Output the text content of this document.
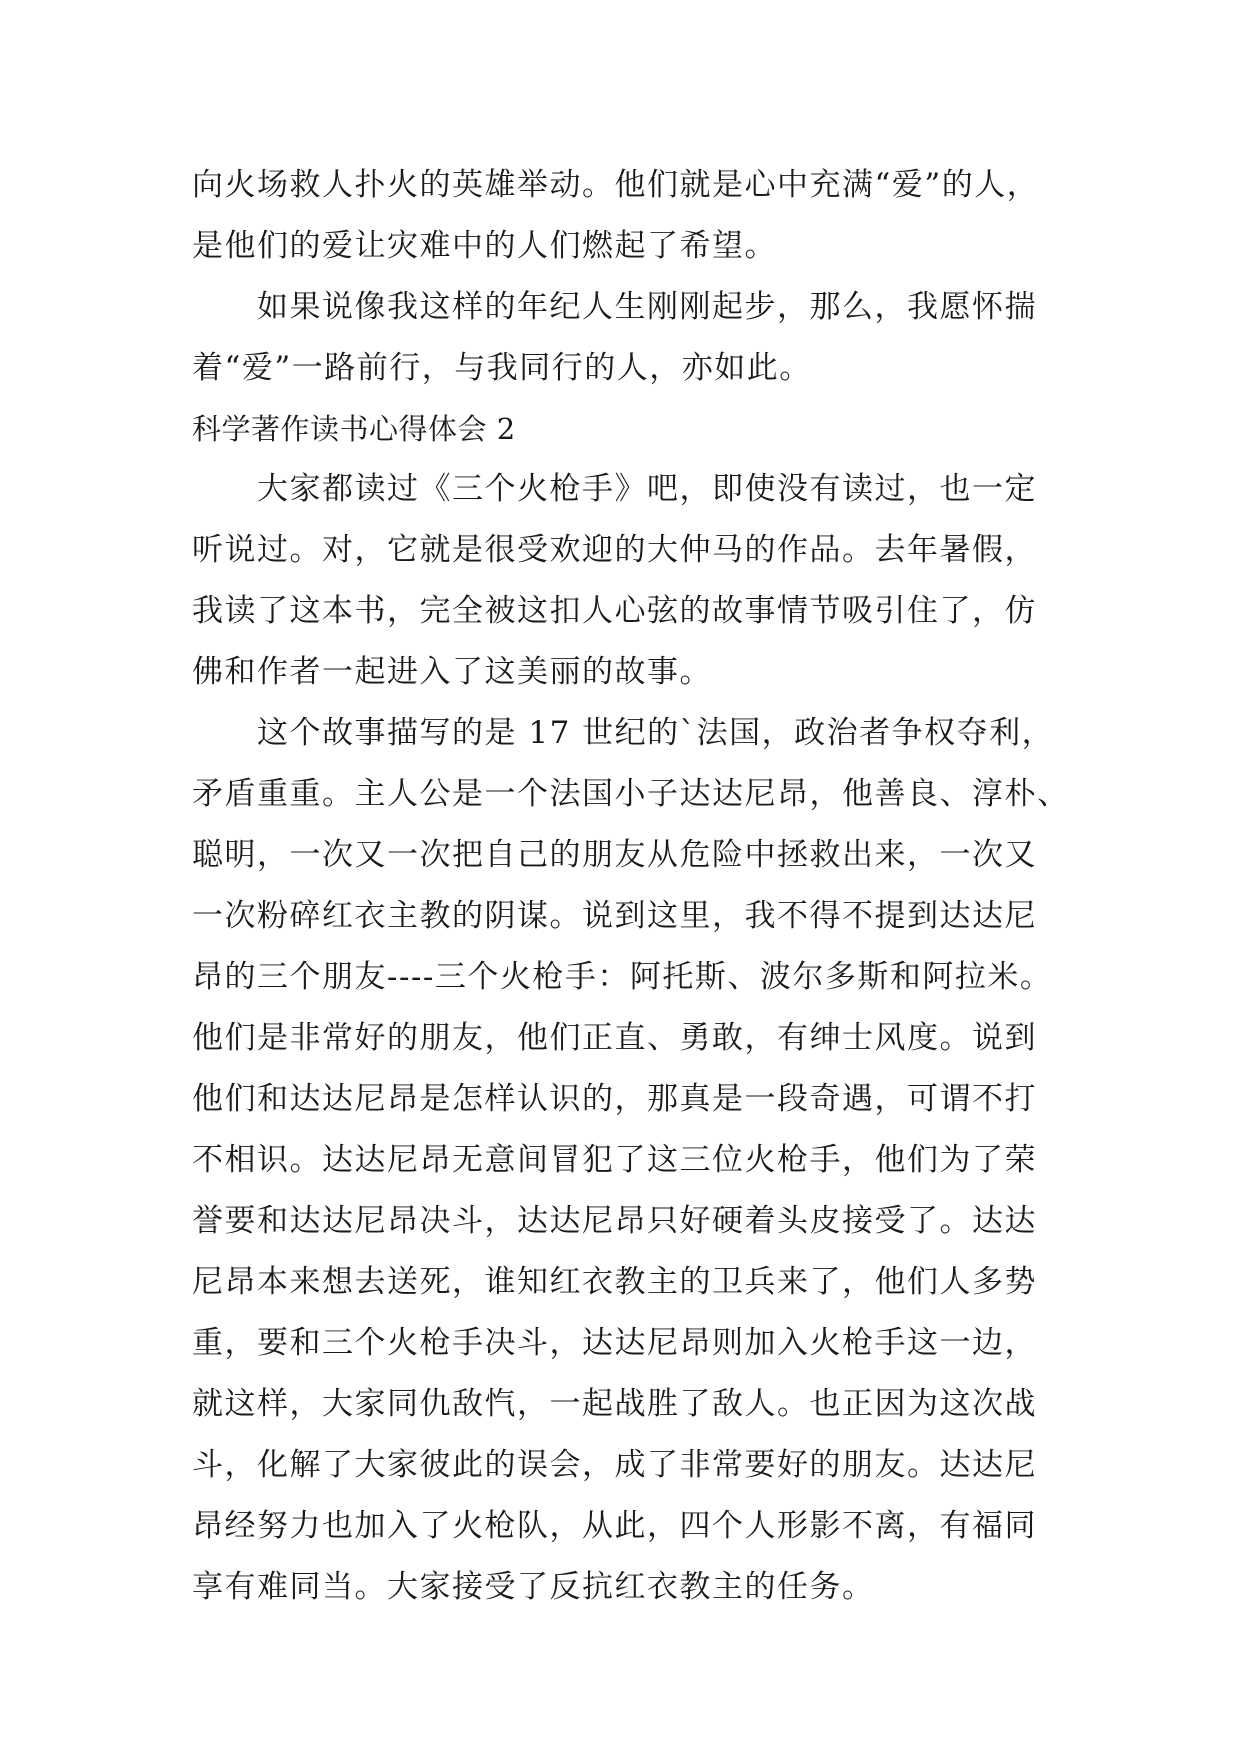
向火场救人扑火的英雄举动。他们就是心中充满“爱”的人，
是他们的爱让灾难中的人们燃起了希望。
　　如果说像我这样的年纪人生刚刚起步，那么，我愿怀揣
着“爱”一路前行，与我同行的人，亦如此。
科学著作读书心得体会 2
　　大家都读过《三个火枪手》吧，即使没有读过，也一定
听说过。对，它就是很受欢迎的大仲马的作品。去年暑假，
我读了这本书，完全被这扣人心弦的故事情节吸引住了，仿
佛和作者一起进入了这美丽的故事。
　　这个故事描写的是 17 世纪的`法国，政治者争权夺利，
矛盾重重。主人公是一个法国小子达达尼昂，他善良、淳朴、
聪明，一次又一次把自己的朋友从危险中拯救出来，一次又
一次粉碎红衣主教的阴谋。说到这里，我不得不提到达达尼
昂的三个朋友----三个火枪手：阿托斯、波尔多斯和阿拉米。
他们是非常好的朋友，他们正直、勇敢，有绅士风度。说到
他们和达达尼昂是怎样认识的，那真是一段奇遇，可谓不打
不相识。达达尼昂无意间冒犯了这三位火枪手，他们为了荣
誉要和达达尼昂决斗，达达尼昂只好硬着头皮接受了。达达
尼昂本来想去送死，谁知红衣教主的卫兵来了，他们人多势
重，要和三个火枪手决斗，达达尼昂则加入火枪手这一边，
就这样，大家同仇敌忾，一起战胜了敌人。也正因为这次战
斗，化解了大家彼此的误会，成了非常要好的朋友。达达尼
昂经努力也加入了火枪队，从此，四个人形影不离，有福同
享有难同当。大家接受了反抗红衣教主的任务。
